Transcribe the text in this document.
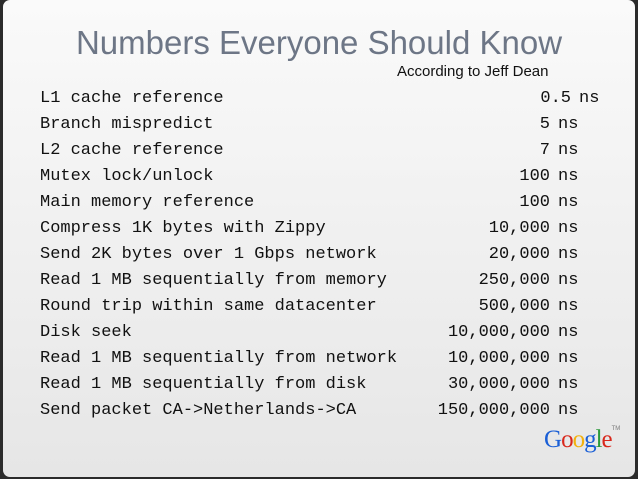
Numbers Everyone Should Know
According to Jeff Dean
L1 cache reference	0.5 ns
Branch mispredict	5 ns
L2 cache reference	7 ns
Mutex lock/unlock	100 ns
Main memory reference	100 ns
Compress 1K bytes with Zippy	10,000 ns
Send 2K bytes over 1 Gbps network	20,000 ns
Read 1 MB sequentially from memory	250,000 ns
Round trip within same datacenter	500,000 ns
Disk seek	10,000,000 ns
Read 1 MB sequentially from network	10,000,000 ns
Read 1 MB sequentially from disk	30,000,000 ns
Send packet CA->Netherlands->CA	150,000,000 ns
Google™
